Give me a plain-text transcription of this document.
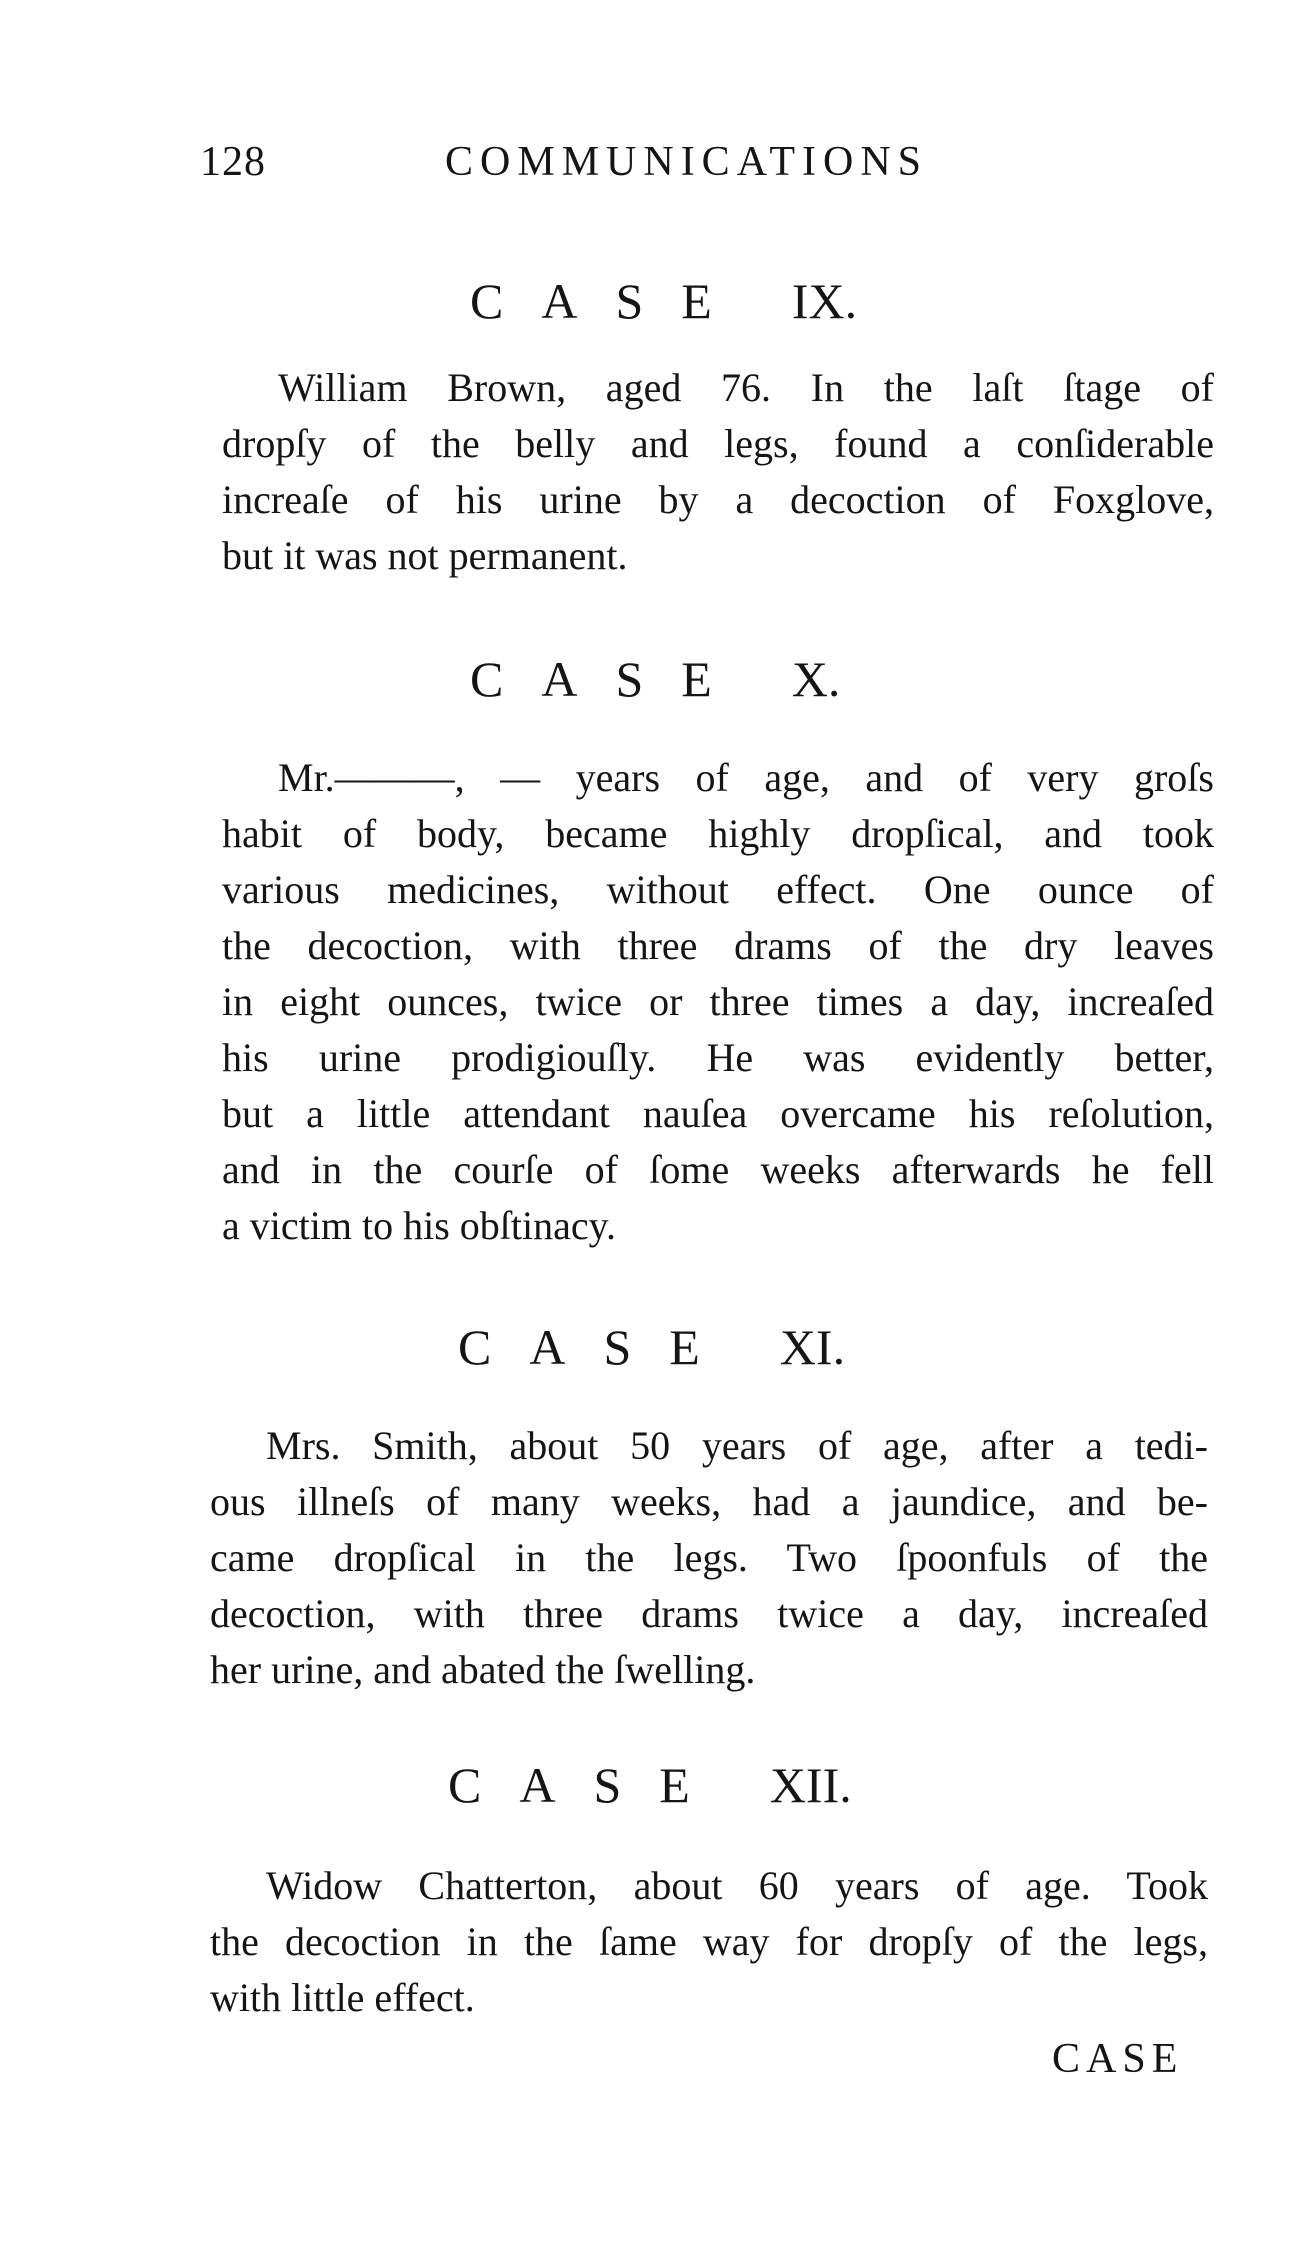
128	COMMUNICATIONS
CASE IX.
William Brown, aged 76. In the laſt ſtage of
dropſy of the belly and legs, found a conſiderable
increaſe of his urine by a decoction of Foxglove,
but it was not permanent.
CASE X.
Mr.———, — years of age, and of very groſs
habit of body, became highly dropſical, and took
various medicines, without effect. One ounce of
the decoction, with three drams of the dry leaves
in eight ounces, twice or three times a day, increaſed
his urine prodigiouſly. He was evidently better,
but a little attendant nauſea overcame his reſolution,
and in the courſe of ſome weeks afterwards he fell
a victim to his obſtinacy.
CASE XI.
Mrs. Smith, about 50 years of age, after a tedi-
ous illneſs of many weeks, had a jaundice, and be-
came dropſical in the legs. Two ſpoonfuls of the
decoction, with three drams twice a day, increaſed
her urine, and abated the ſwelling.
CASE XII.
Widow Chatterton, about 60 years of age. Took
the decoction in the ſame way for dropſy of the legs,
with little effect.
CASE
